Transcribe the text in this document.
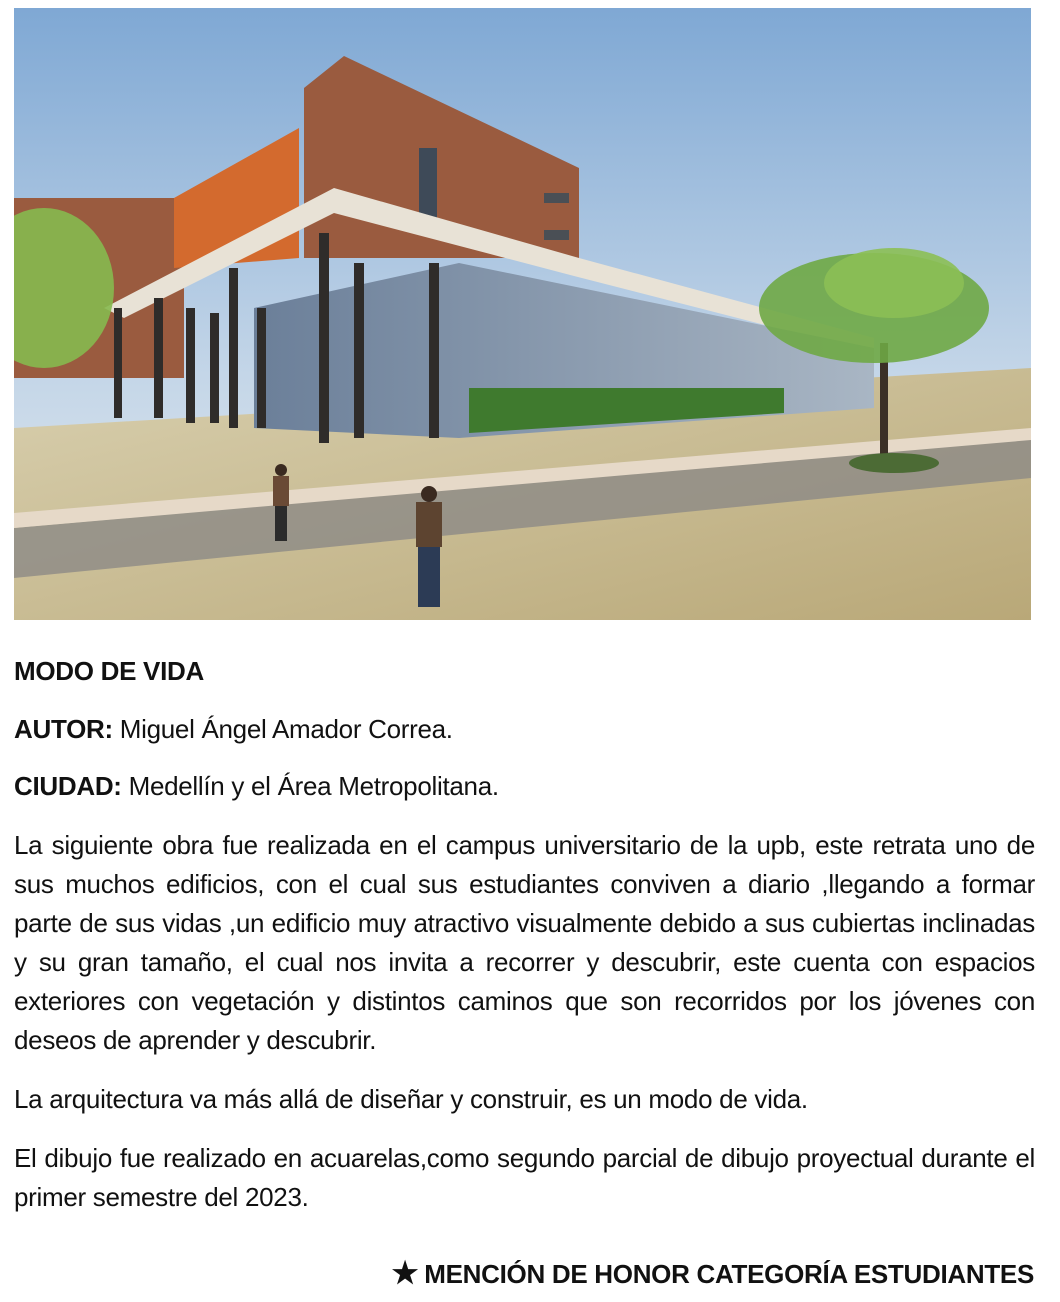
MODO DE VIDA

AUTOR: Miguel Ángel Amador Correa.

CIUDAD: Medellín y el Área Metropolitana.

La siguiente obra fue realizada en el campus universitario de la upb, este retrata uno de sus muchos edificios, con el cual sus estudiantes conviven a diario ,llegando a formar parte de sus vidas ,un edificio muy atractivo visualmente debido a sus cubiertas inclinadas y su gran tamaño, el cual nos invita a recorrer y descubrir, este cuenta con espacios exteriores con vegetación y distintos caminos que son recorridos por los jóvenes con deseos de aprender y descubrir.

La arquitectura va más allá de diseñar y construir, es un modo de vida.

El dibujo fue realizado en acuarelas,como segundo parcial de dibujo proyectual durante el primer semestre del 2023.

★ MENCIÓN DE HONOR CATEGORÍA ESTUDIANTES
